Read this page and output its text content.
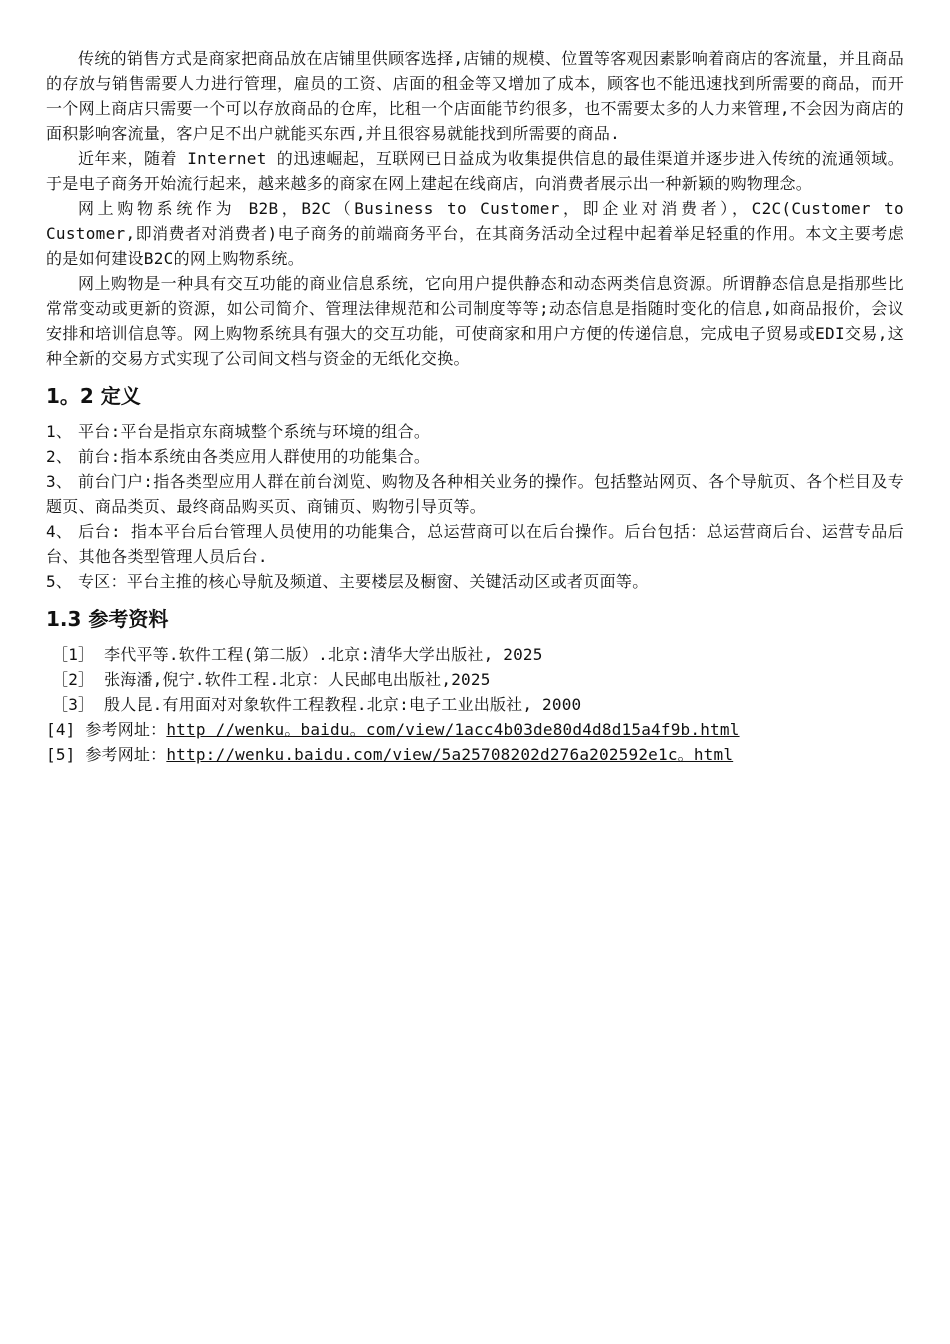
传统的销售方式是商家把商品放在店铺里供顾客选择,店铺的规模、位置等客观因素影响着商店的客流量，并且商品的存放与销售需要人力进行管理，雇员的工资、店面的租金等又增加了成本，顾客也不能迅速找到所需要的商品，而开一个网上商店只需要一个可以存放商品的仓库，比租一个店面能节约很多，也不需要太多的人力来管理,不会因为商店的面积影响客流量，客户足不出户就能买东西,并且很容易就能找到所需要的商品.

近年来，随着 Internet 的迅速崛起，互联网已日益成为收集提供信息的最佳渠道并逐步进入传统的流通领域。于是电子商务开始流行起来，越来越多的商家在网上建起在线商店，向消费者展示出一种新颖的购物理念。

网上购物系统作为 B2B，B2C（Business to Customer，即企业对消费者），C2C(Customer to Customer,即消费者对消费者)电子商务的前端商务平台，在其商务活动全过程中起着举足轻重的作用。本文主要考虑的是如何建设B2C的网上购物系统。

网上购物是一种具有交互功能的商业信息系统，它向用户提供静态和动态两类信息资源。所谓静态信息是指那些比常常变动或更新的资源，如公司简介、管理法律规范和公司制度等等;动态信息是指随时变化的信息,如商品报价，会议安排和培训信息等。网上购物系统具有强大的交互功能，可使商家和用户方便的传递信息，完成电子贸易或EDI交易,这种全新的交易方式实现了公司间文档与资金的无纸化交换。

1。2 定义

1、 平台:平台是指京东商城整个系统与环境的组合。

2、 前台:指本系统由各类应用人群使用的功能集合。

3、 前台门户:指各类型应用人群在前台浏览、购物及各种相关业务的操作。包括整站网页、各个导航页、各个栏目及专题页、商品类页、最终商品购买页、商铺页、购物引导页等。

4、 后台: 指本平台后台管理人员使用的功能集合，总运营商可以在后台操作。后台包括：总运营商后台、运营专品后台、其他各类型管理人员后台.

5、 专区：平台主推的核心导航及频道、主要楼层及橱窗、关键活动区或者页面等。

1.3 参考资料

［1］ 李代平等.软件工程(第二版）.北京:清华大学出版社, 2025

［2］ 张海潘,倪宁.软件工程.北京：人民邮电出版社,2025

［3］ 殷人昆.有用面对对象软件工程教程.北京:电子工业出版社, 2000

[4] 参考网址：http //wenku。baidu。com/view/1acc4b03de80d4d8d15a4f9b.html

[5] 参考网址：http://wenku.baidu.com/view/5a25708202d276a202592e1c。html
